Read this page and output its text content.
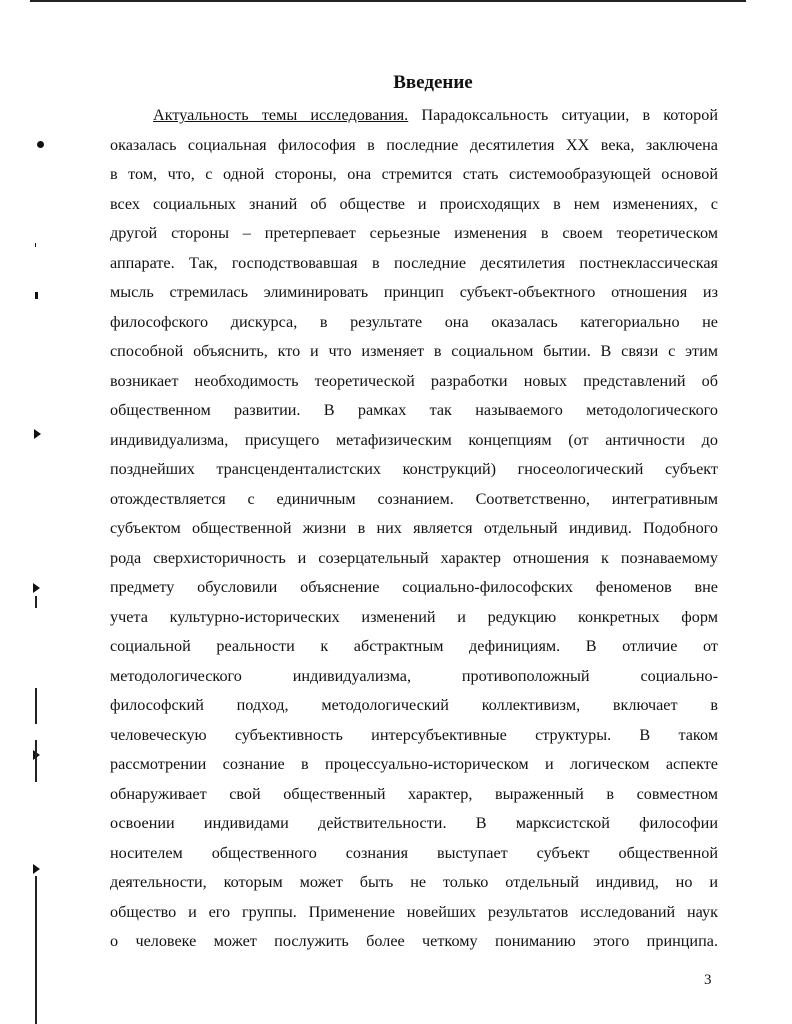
Введение
Актуальность темы исследования. Парадоксальность ситуации, в которой
оказалась социальная философия в последние десятилетия XX века, заключена
в том, что, с одной стороны, она стремится стать системообразующей основой
всех социальных знаний об обществе и происходящих в нем изменениях, с
другой стороны – претерпевает серьезные изменения в своем теоретическом
аппарате. Так, господствовавшая в последние десятилетия постнеклассическая
мысль стремилась элиминировать принцип субъект-объектного отношения из
философского дискурса, в результате она оказалась категориально не
способной объяснить, кто и что изменяет в социальном бытии. В связи с этим
возникает необходимость теоретической разработки новых представлений об
общественном развитии. В рамках так называемого методологического
индивидуализма, присущего метафизическим концепциям (от античности до
позднейших трансценденталистских конструкций) гносеологический субъект
отождествляется с единичным сознанием. Соответственно, интегративным
субъектом общественной жизни в них является отдельный индивид. Подобного
рода сверхисторичность и созерцательный характер отношения к познаваемому
предмету обусловили объяснение социально-философских феноменов вне
учета культурно-исторических изменений и редукцию конкретных форм
социальной реальности к абстрактным дефинициям. В отличие от
методологического индивидуализма, противоположный социально-
философский подход, методологический коллективизм, включает в
человеческую субъективность интерсубъективные структуры. В таком
рассмотрении сознание в процессуально-историческом и логическом аспекте
обнаруживает свой общественный характер, выраженный в совместном
освоении индивидами действительности. В марксистской философии
носителем общественного сознания выступает субъект общественной
деятельности, которым может быть не только отдельный индивид, но и
общество и его группы. Применение новейших результатов исследований наук
о человеке может послужить более четкому пониманию этого принципа.
3
